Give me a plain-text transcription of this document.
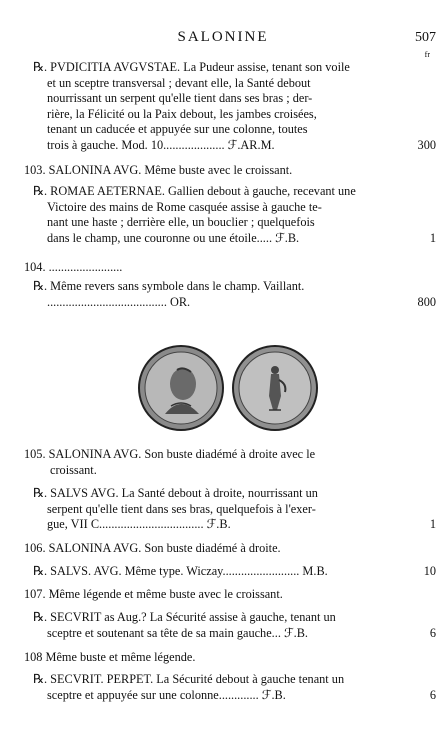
SALONINE	507
fr
℞. PVDICITIA AVGVSTAE. La Pudeur assise, tenant son voile
et un sceptre transversal ; devant elle, la Santé debout
nourrissant un serpent qu'elle tient dans ses bras ; der-
rière, la Félicité ou la Paix debout, les jambes croisées,
tenant un caducée et appuyée sur une colonne, toutes
trois à gauche. Mod. 10.................... ℱ.AR.M.	300
103. SALONINA AVG. Même buste avec le croissant.
℞. ROMAE AETERNAE. Gallien debout à gauche, recevant une
Victoire des mains de Rome casquée assise à gauche te-
nant une haste ; derrière elle, un bouclier ; quelquefois
dans le champ, une couronne ou une étoile..... ℱ.B.	1
104. ........................
℞. Même revers sans symbole dans le champ. Vaillant.
....................................... OR.	800
105. SALONINA AVG. Son buste diadémé à droite avec le
croissant.
℞. SALVS AVG. La Santé debout à droite, nourrissant un
serpent qu'elle tient dans ses bras, quelquefois à l'exer-
gue, VII C.................................. ℱ.B.	1
106. SALONINA AVG. Son buste diadémé à droite.
℞. SALVS. AVG. Même type. Wiczay......................... M.B.	10
107. Même légende et même buste avec le croissant.
℞. SECVRIT as Aug.? La Sécurité assise à gauche, tenant un
sceptre et soutenant sa tête de sa main gauche... ℱ.B.	6
108 Même buste et même légende.
℞. SECVRIT. PERPET. La Sécurité debout à gauche tenant un
sceptre et appuyée sur une colonne............. ℱ.B.	6
